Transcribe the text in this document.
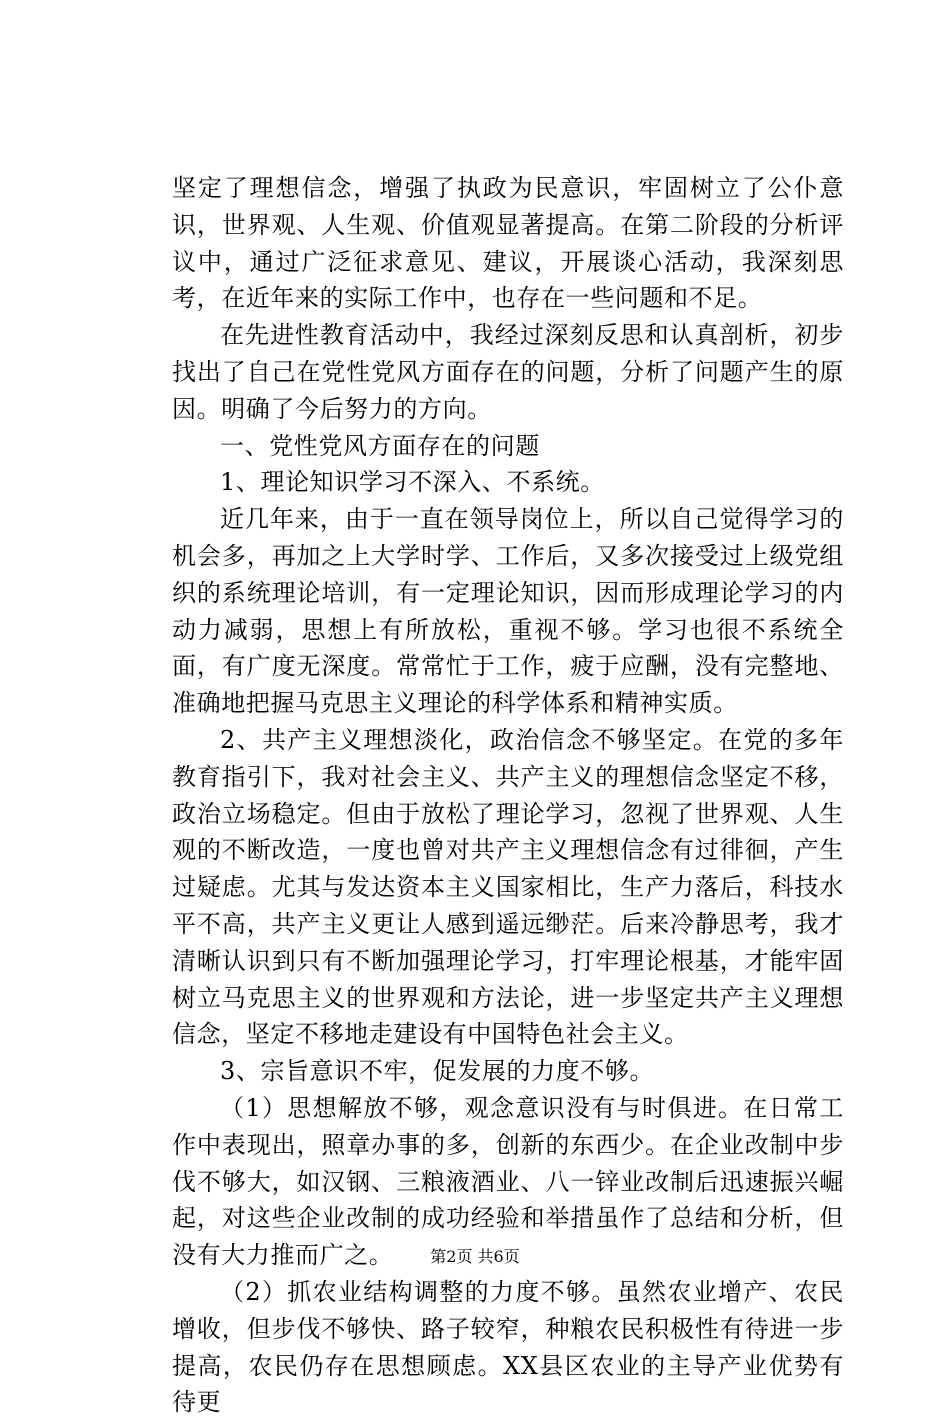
坚定了理想信念，增强了执政为民意识，牢固树立了公仆意识，世界观、人生观、价值观显著提高。在第二阶段的分析评议中，通过广泛征求意见、建议，开展谈心活动，我深刻思考，在近年来的实际工作中，也存在一些问题和不足。

在先进性教育活动中，我经过深刻反思和认真剖析，初步找出了自己在党性党风方面存在的问题，分析了问题产生的原因。明确了今后努力的方向。

一、党性党风方面存在的问题

1、理论知识学习不深入、不系统。

近几年来，由于一直在领导岗位上，所以自己觉得学习的机会多，再加之上大学时学、工作后，又多次接受过上级党组织的系统理论培训，有一定理论知识，因而形成理论学习的内动力减弱，思想上有所放松，重视不够。学习也很不系统全面，有广度无深度。常常忙于工作，疲于应酬，没有完整地、准确地把握马克思主义理论的科学体系和精神实质。

2、共产主义理想淡化，政治信念不够坚定。在党的多年教育指引下，我对社会主义、共产主义的理想信念坚定不移，政治立场稳定。但由于放松了理论学习，忽视了世界观、人生观的不断改造，一度也曾对共产主义理想信念有过徘徊，产生过疑虑。尤其与发达资本主义国家相比，生产力落后，科技水平不高，共产主义更让人感到遥远缈茫。后来冷静思考，我才清晰认识到只有不断加强理论学习，打牢理论根基，才能牢固树立马克思主义的世界观和方法论，进一步坚定共产主义理想信念，坚定不移地走建设有中国特色社会主义。

3、宗旨意识不牢，促发展的力度不够。

（1）思想解放不够，观念意识没有与时俱进。在日常工作中表现出，照章办事的多，创新的东西少。在企业改制中步伐不够大，如汉钢、三粮液酒业、八一锌业改制后迅速振兴崛起，对这些企业改制的成功经验和举措虽作了总结和分析，但没有大力推而广之。

（2）抓农业结构调整的力度不够。虽然农业增产、农民增收，但步伐不够快、路子较窄，种粮农民积极性有待进一步提高，农民仍存在思想顾虑。XX县区农业的主导产业优势有待更

第2页 共6页
